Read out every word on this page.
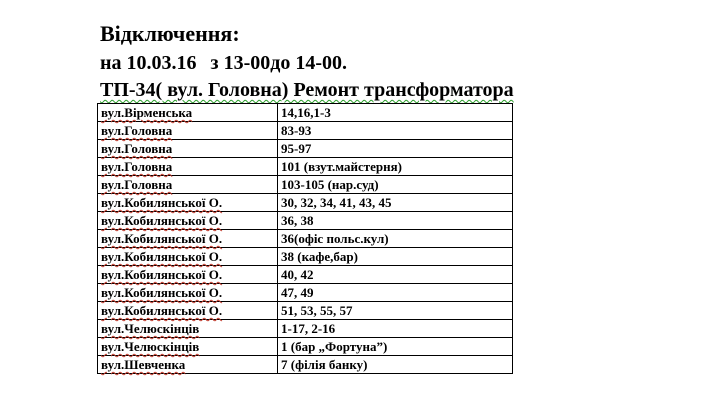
Відключення:
на 10.03.16 з 13-00до 14-00.
ТП-34( вул. Головна) Ремонт трансформатора
вул.Вірменська	14,16,1-3
вул.Головна	83-93
вул.Головна	95-97
вул.Головна	101 (взут.майстерня)
вул.Головна	103-105 (нар.суд)
вул.Кобилянської О.	30, 32, 34, 41, 43, 45
вул.Кобилянської О.	36, 38
вул.Кобилянської О.	36(офіс польс.кул)
вул.Кобилянської О.	38 (кафе,бар)
вул.Кобилянської О.	40, 42
вул.Кобилянської О.	47, 49
вул.Кобилянської О.	51, 53, 55, 57
вул.Челюскінців	1-17, 2-16
вул.Челюскінців	1 (бар „Фортуна”)
вул.Шевченка	7 (філія банку)
